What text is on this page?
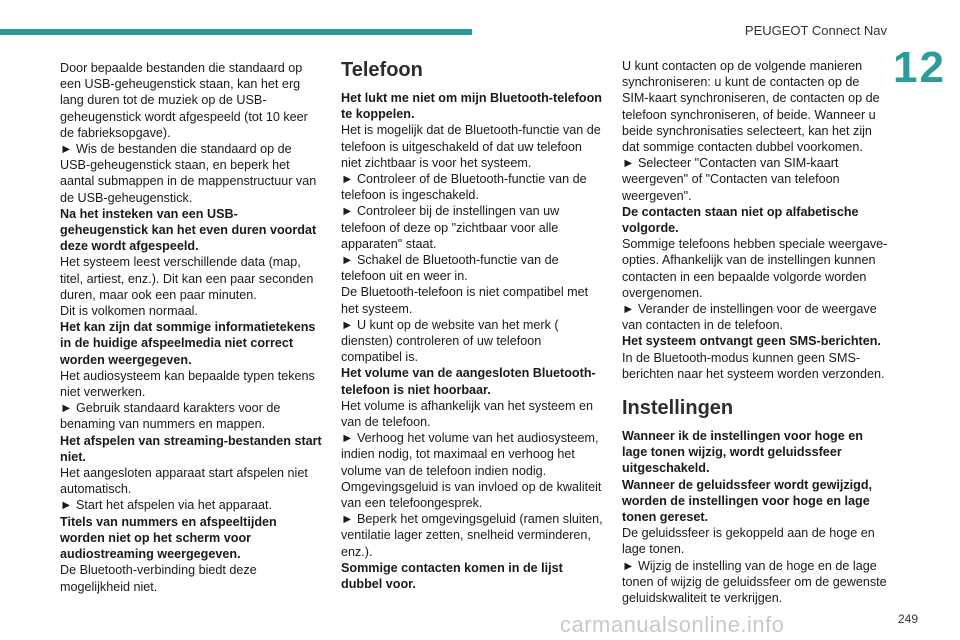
PEUGEOT Connect Nav
12

Door bepaalde bestanden die standaard op een USB-geheugenstick staan, kan het erg lang duren tot de muziek op de USB-geheugenstick wordt afgespeeld (tot 10 keer de fabrieksopgave).

► Wis de bestanden die standaard op de USB-geheugenstick staan, en beperk het aantal submappen in de mappenstructuur van de USB-geheugenstick.

Na het insteken van een USB-geheugenstick kan het even duren voordat deze wordt afgespeeld.

Het systeem leest verschillende data (map, titel, artiest, enz.). Dit kan een paar seconden duren, maar ook een paar minuten.

Dit is volkomen normaal.

Het kan zijn dat sommige informatietekens in de huidige afspeelmedia niet correct worden weergegeven.

Het audiosysteem kan bepaalde typen tekens niet verwerken.

► Gebruik standaard karakters voor de benaming van nummers en mappen.

Het afspelen van streaming-bestanden start niet.

Het aangesloten apparaat start afspelen niet automatisch.

► Start het afspelen via het apparaat.

Titels van nummers en afspeeltijden worden niet op het scherm voor audiostreaming weergegeven.

De Bluetooth-verbinding biedt deze mogelijkheid niet.

Telefoon

Het lukt me niet om mijn Bluetooth-telefoon te koppelen.

Het is mogelijk dat de Bluetooth-functie van de telefoon is uitgeschakeld of dat uw telefoon niet zichtbaar is voor het systeem.

► Controleer of de Bluetooth-functie van de telefoon is ingeschakeld.

► Controleer bij de instellingen van uw telefoon of deze op "zichtbaar voor alle apparaten" staat.

► Schakel de Bluetooth-functie van de telefoon uit en weer in.

De Bluetooth-telefoon is niet compatibel met het systeem.

► U kunt op de website van het merk ( diensten) controleren of uw telefoon compatibel is.

Het volume van de aangesloten Bluetooth-telefoon is niet hoorbaar.

Het volume is afhankelijk van het systeem en van de telefoon.

► Verhoog het volume van het audiosysteem, indien nodig, tot maximaal en verhoog het volume van de telefoon indien nodig.

Omgevingsgeluid is van invloed op de kwaliteit van een telefoongesprek.

► Beperk het omgevingsgeluid (ramen sluiten, ventilatie lager zetten, snelheid verminderen, enz.).

Sommige contacten komen in de lijst dubbel voor.

U kunt contacten op de volgende manieren synchroniseren: u kunt de contacten op de SIM-kaart synchroniseren, de contacten op de telefoon synchroniseren, of beide. Wanneer u beide synchronisaties selecteert, kan het zijn dat sommige contacten dubbel voorkomen.

► Selecteer "Contacten van SIM-kaart weergeven" of "Contacten van telefoon weergeven".

De contacten staan niet op alfabetische volgorde.

Sommige telefoons hebben speciale weergave-opties. Afhankelijk van de instellingen kunnen contacten in een bepaalde volgorde worden overgenomen.

► Verander de instellingen voor de weergave van contacten in de telefoon.

Het systeem ontvangt geen SMS-berichten.

In de Bluetooth-modus kunnen geen SMS-berichten naar het systeem worden verzonden.

Instellingen

Wanneer ik de instellingen voor hoge en lage tonen wijzig, wordt geluidssfeer uitgeschakeld.

Wanneer de geluidssfeer wordt gewijzigd, worden de instellingen voor hoge en lage tonen gereset.

De geluidssfeer is gekoppeld aan de hoge en lage tonen.

► Wijzig de instelling van de hoge en de lage tonen of wijzig de geluidssfeer om de gewenste geluidskwaliteit te verkrijgen.

carmanualsonline.info	249
